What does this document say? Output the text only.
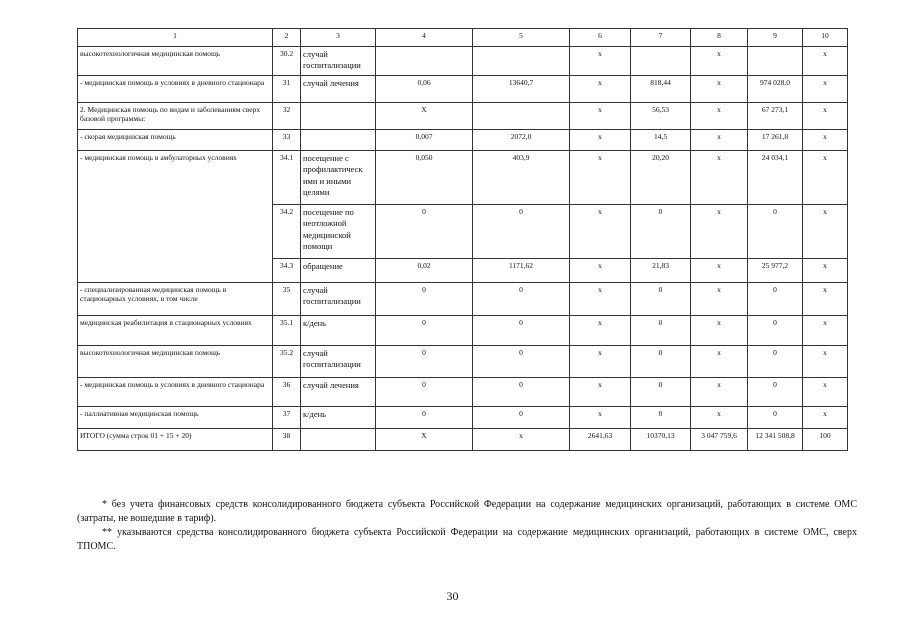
1	2	3	4	5	6	7	8	9	10
высокотехнологичная медицинская помощь	30.2	случай госпитализации			x		x		x
- медицинская помощь в условиях в дневного стационара	31	случай лечения	0,06	13640,7	x	818,44	x	974 028,0	x
2. Медицинская помощь по видам и заболеваниям сверх базовой программы:	32		X		x	56,53	x	67 273,1	x
- скорая медицинская помощь	33		0,007	2072,0	x	14,5	x	17 261,8	x
- медицинская помощь в амбулаторных условиях	34.1	посещение с профилактическ ими и иными целями	0,050	403,9	x	20,20	x	24 034,1	x
	34.2	посещение по неотложной медицинской помощи	0	0	x	0	x	0	x
	34.3	обращение	0,02	1171,62	x	21,83	x	25 977,2	x
- специализированная медицинская помощь в стационарных условиях, в том числе	35	случай госпитализации	0	0	x	0	x	0	x
медицинская реабилитация в стационарных условиях	35.1	к/день	0	0	x	0	x	0	x
высокотехнологичная медицинская помощь	35.2	случай госпитализации	0	0	x	0	x	0	x
- медицинская помощь в условиях в дневного стационара	36	случай лечения	0	0	x	0	x	0	x
- паллиативная медицинская помощь	37	к/день	0	0	x	0	x	0	x
ИТОГО (сумма строк 01 + 15 + 20)	38		X	x	2641,63	10370,13	3 047 759,6	12 341 508,8	100

* без учета финансовых средств консолидированного бюджета субъекта Российской Федерации на содержание медицинских организаций, работающих в системе ОМС (затраты, не вошедшие в тариф).

** указываются средства консолидированного бюджета субъекта Российской Федерации на содержание медицинских организаций, работающих в системе ОМС, сверх ТПОМС.

30
